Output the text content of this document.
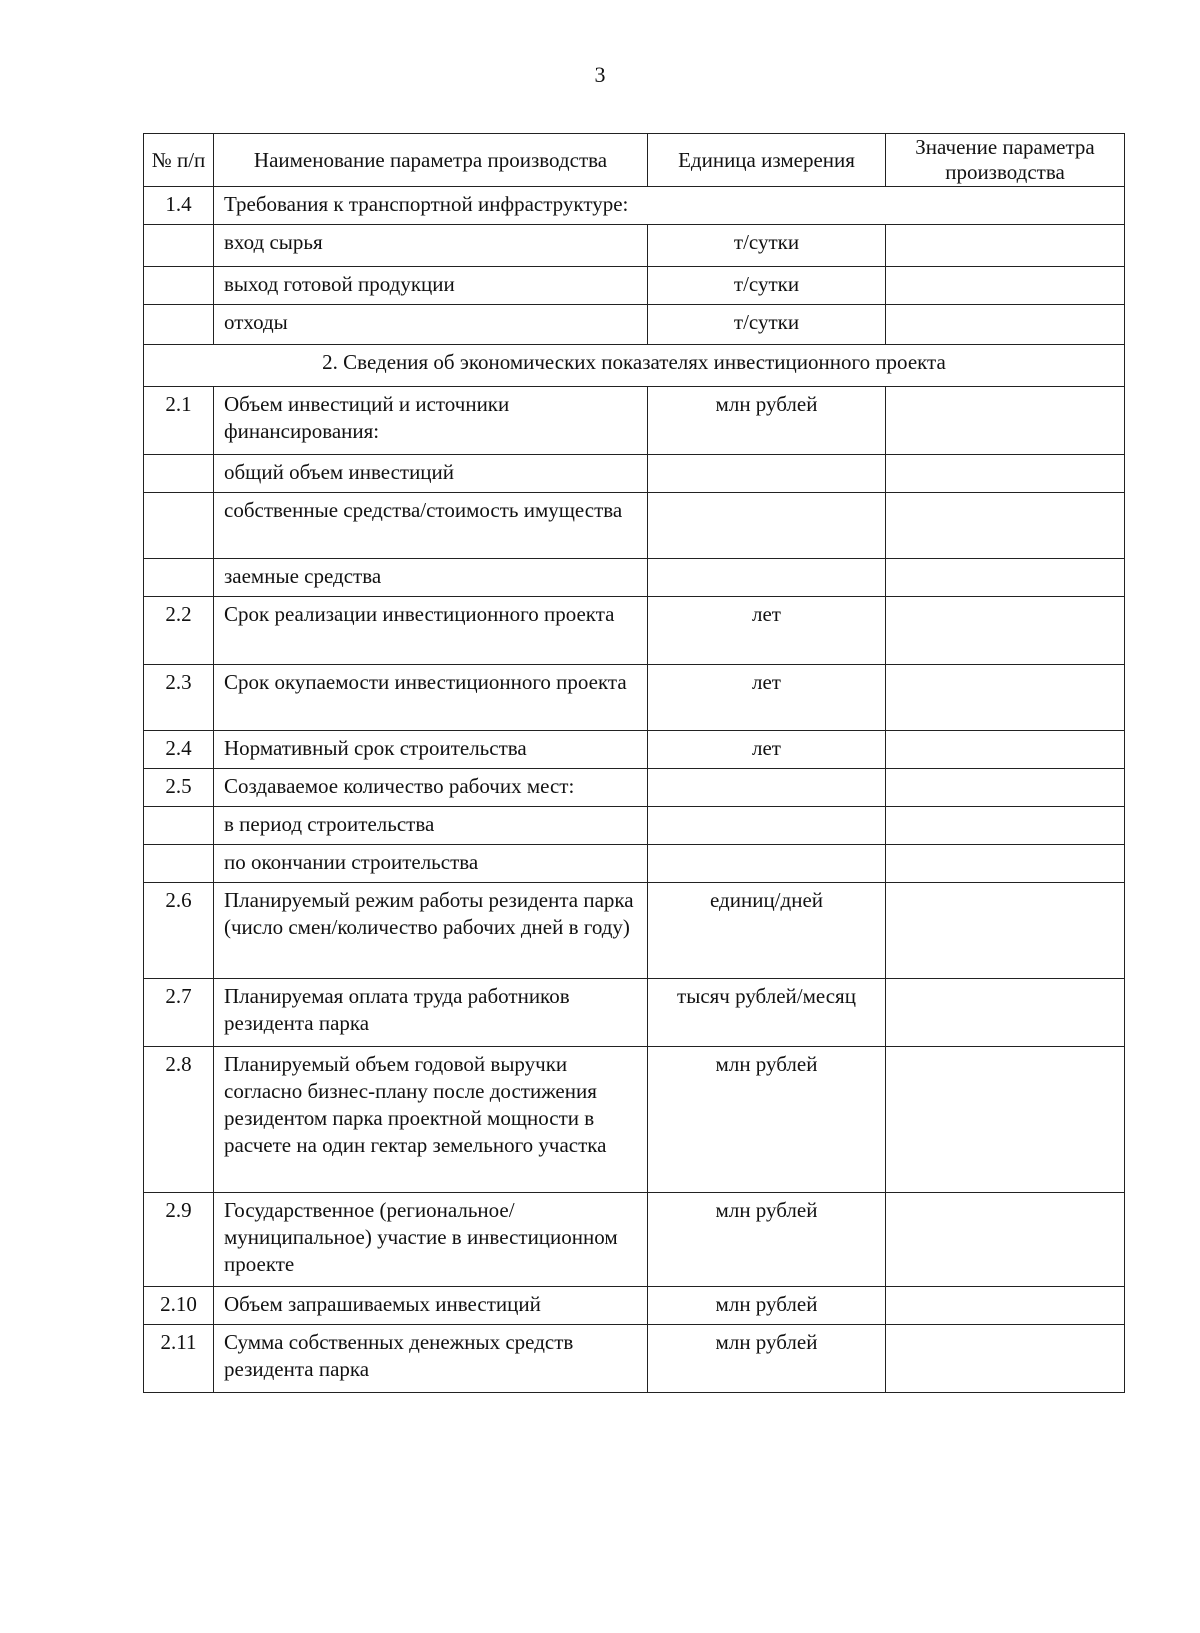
3
№ п/п	Наименование параметра производства	Единица измерения	Значение параметра производства
1.4	Требования к транспортной инфраструктуре:		
	вход сырья	т/сутки	
	выход готовой продукции	т/сутки	
	отходы	т/сутки	
2. Сведения об экономических показателях инвестиционного проекта			
2.1	Объем инвестиций и источники финансирования:	млн рублей	
	общий объем инвестиций		
	собственные средства/стоимость имущества		
	заемные средства		
2.2	Срок реализации инвестиционного проекта	лет	
2.3	Срок окупаемости инвестиционного проекта	лет	
2.4	Нормативный срок строительства	лет	
2.5	Создаваемое количество рабочих мест:		
	в период строительства		
	по окончании строительства		
2.6	Планируемый режим работы резидента парка (число смен/количество рабочих дней в году)	единиц/дней	
2.7	Планируемая оплата труда работников резидента парка	тысяч рублей/месяц	
2.8	Планируемый объем годовой выручки согласно бизнес-плану после достижения резидентом парка проектной мощности в расчете на один гектар земельного участка	млн рублей	
2.9	Государственное (региональное/муниципальное) участие в инвестиционном проекте	млн рублей	
2.10	Объем запрашиваемых инвестиций	млн рублей	
2.11	Сумма собственных денежных средств резидента парка	млн рублей	
